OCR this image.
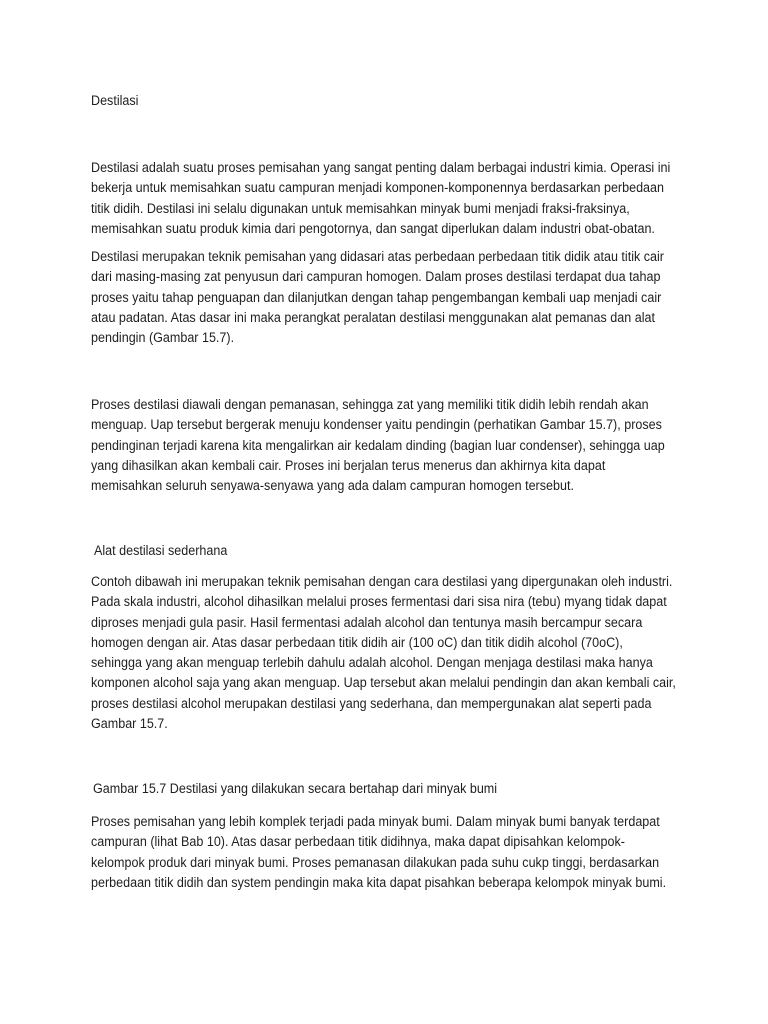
Destilasi
Destilasi adalah suatu proses pemisahan yang sangat penting dalam berbagai industri kimia. Operasi ini
bekerja untuk memisahkan suatu campuran menjadi komponen-komponennya berdasarkan perbedaan
titik didih. Destilasi ini selalu digunakan untuk memisahkan minyak bumi menjadi fraksi-fraksinya,
memisahkan suatu produk kimia dari pengotornya, dan sangat diperlukan dalam industri obat-obatan.
Destilasi merupakan teknik pemisahan yang didasari atas perbedaan perbedaan titik didik atau titik cair
dari masing-masing zat penyusun dari campuran homogen. Dalam proses destilasi terdapat dua tahap
proses yaitu tahap penguapan dan dilanjutkan dengan tahap pengembangan kembali uap menjadi cair
atau padatan. Atas dasar ini maka perangkat peralatan destilasi menggunakan alat pemanas dan alat
pendingin (Gambar 15.7).
Proses destilasi diawali dengan pemanasan, sehingga zat yang memiliki titik didih lebih rendah akan
menguap. Uap tersebut bergerak menuju kondenser yaitu pendingin (perhatikan Gambar 15.7), proses
pendinginan terjadi karena kita mengalirkan air kedalam dinding (bagian luar condenser), sehingga uap
yang dihasilkan akan kembali cair. Proses ini berjalan terus menerus dan akhirnya kita dapat
memisahkan seluruh senyawa-senyawa yang ada dalam campuran homogen tersebut.
Alat destilasi sederhana
Contoh dibawah ini merupakan teknik pemisahan dengan cara destilasi yang dipergunakan oleh industri.
Pada skala industri, alcohol dihasilkan melalui proses fermentasi dari sisa nira (tebu) myang tidak dapat
diproses menjadi gula pasir. Hasil fermentasi adalah alcohol dan tentunya masih bercampur secara
homogen dengan air. Atas dasar perbedaan titik didih air (100 oC) dan titik didih alcohol (70oC),
sehingga yang akan menguap terlebih dahulu adalah alcohol. Dengan menjaga destilasi maka hanya
komponen alcohol saja yang akan menguap. Uap tersebut akan melalui pendingin dan akan kembali cair,
proses destilasi alcohol merupakan destilasi yang sederhana, dan mempergunakan alat seperti pada
Gambar 15.7.
Gambar 15.7 Destilasi yang dilakukan secara bertahap dari minyak bumi
Proses pemisahan yang lebih komplek terjadi pada minyak bumi. Dalam minyak bumi banyak terdapat
campuran (lihat Bab 10). Atas dasar perbedaan titik didihnya, maka dapat dipisahkan kelompok-
kelompok produk dari minyak bumi. Proses pemanasan dilakukan pada suhu cukp tinggi, berdasarkan
perbedaan titik didih dan system pendingin maka kita dapat pisahkan beberapa kelompok minyak bumi.
